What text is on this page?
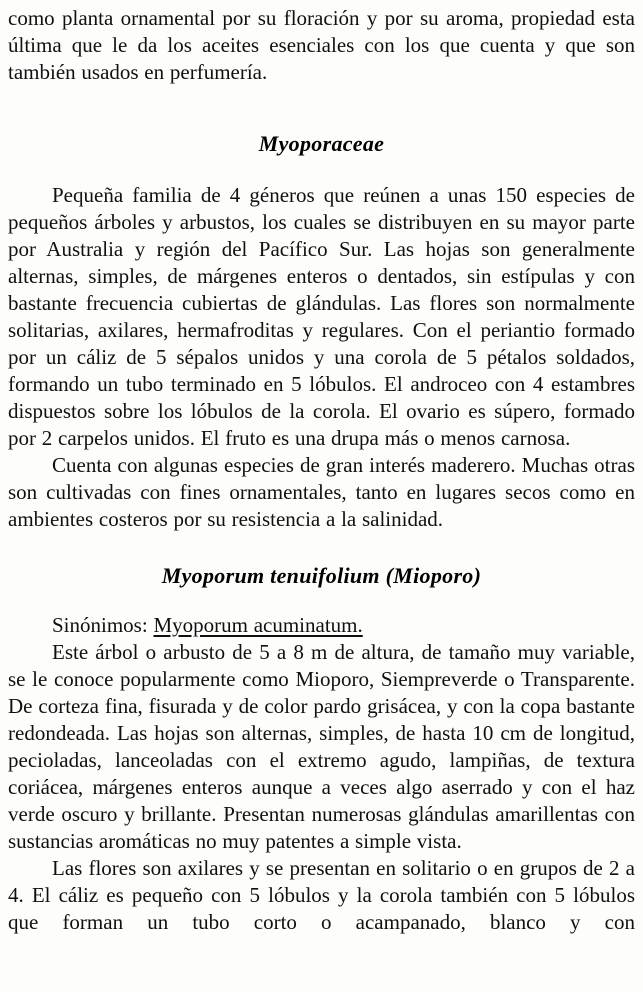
como planta ornamental por su floración y por su aroma, propiedad esta última que le da los aceites esenciales con los que cuenta y que son también usados en perfumería.

Myoporaceae

Pequeña familia de 4 géneros que reúnen a unas 150 especies de pequeños árboles y arbustos, los cuales se distribuyen en su mayor parte por Australia y región del Pacífico Sur. Las hojas son generalmente alternas, simples, de márgenes enteros o dentados, sin estípulas y con bastante frecuencia cubiertas de glándulas. Las flores son normalmente solitarias, axilares, hermafroditas y regulares. Con el periantio formado por un cáliz de 5 sépalos unidos y una corola de 5 pétalos soldados, formando un tubo terminado en 5 lóbulos. El androceo con 4 estambres dispuestos sobre los lóbulos de la corola. El ovario es súpero, formado por 2 carpelos unidos. El fruto es una drupa más o menos carnosa.

Cuenta con algunas especies de gran interés maderero. Muchas otras son cultivadas con fines ornamentales, tanto en lugares secos como en ambientes costeros por su resistencia a la salinidad.

Myoporum tenuifolium (Mioporo)

Sinónimos: Myoporum acuminatum.

Este árbol o arbusto de 5 a 8 m de altura, de tamaño muy variable, se le conoce popularmente como Mioporo, Siempreverde o Transparente. De corteza fina, fisurada y de color pardo grisácea, y con la copa bastante redondeada. Las hojas son alternas, simples, de hasta 10 cm de longitud, pecioladas, lanceoladas con el extremo agudo, lampiñas, de textura coriácea, márgenes enteros aunque a veces algo aserrado y con el haz verde oscuro y brillante. Presentan numerosas glándulas amarillentas con sustancias aromáticas no muy patentes a simple vista.

Las flores son axilares y se presentan en solitario o en grupos de 2 a 4. El cáliz es pequeño con 5 lóbulos y la corola también con 5 lóbulos que forman un tubo corto o acampanado, blanco y con
